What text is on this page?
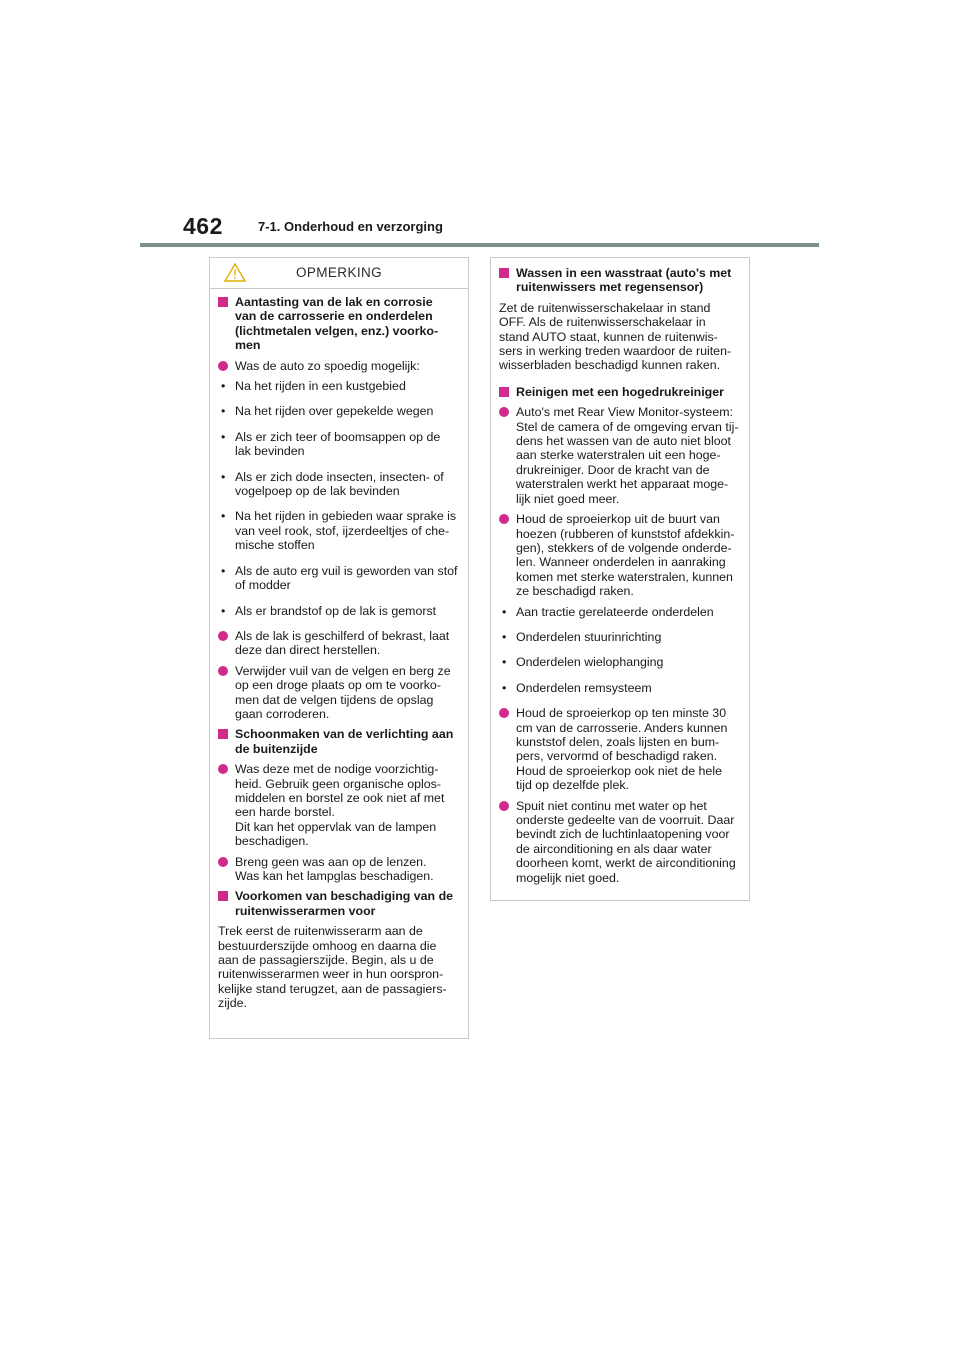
462	7-1. Onderhoud en verzorging
OPMERKING
Aantasting van de lak en corrosie
van de carrosserie en onderdelen
(lichtmetalen velgen, enz.) voorko-
men
Was de auto zo spoedig mogelijk:
• Na het rijden in een kustgebied
• Na het rijden over gepekelde wegen
• Als er zich teer of boomsappen op de
lak bevinden
• Als er zich dode insecten, insecten- of
vogelpoep op de lak bevinden
• Na het rijden in gebieden waar sprake is
van veel rook, stof, ijzerdeeltjes of che-
mische stoffen
• Als de auto erg vuil is geworden van stof
of modder
• Als er brandstof op de lak is gemorst
Als de lak is geschilferd of bekrast, laat
deze dan direct herstellen.
Verwijder vuil van de velgen en berg ze
op een droge plaats op om te voorko-
men dat de velgen tijdens de opslag
gaan corroderen.
Schoonmaken van de verlichting aan
de buitenzijde
Was deze met de nodige voorzichtig-
heid. Gebruik geen organische oplos-
middelen en borstel ze ook niet af met
een harde borstel.
Dit kan het oppervlak van de lampen
beschadigen.
Breng geen was aan op de lenzen.
Was kan het lampglas beschadigen.
Voorkomen van beschadiging van de
ruitenwisserarmen voor
Trek eerst de ruitenwisserarm aan de
bestuurderszijde omhoog en daarna die
aan de passagierszijde. Begin, als u de
ruitenwisserarmen weer in hun oorspron-
kelijke stand terugzet, aan de passagiers-
zijde.
Wassen in een wasstraat (auto's met
ruitenwissers met regensensor)
Zet de ruitenwisserschakelaar in stand
OFF. Als de ruitenwisserschakelaar in
stand AUTO staat, kunnen de ruitenwis-
sers in werking treden waardoor de ruiten-
wisserbladen beschadigd kunnen raken.
Reinigen met een hogedrukreiniger
Auto's met Rear View Monitor-systeem:
Stel de camera of de omgeving ervan tij-
dens het wassen van de auto niet bloot
aan sterke waterstralen uit een hoge-
drukreiniger. Door de kracht van de
waterstralen werkt het apparaat moge-
lijk niet goed meer.
Houd de sproeierkop uit de buurt van
hoezen (rubberen of kunststof afdekkin-
gen), stekkers of de volgende onderde-
len. Wanneer onderdelen in aanraking
komen met sterke waterstralen, kunnen
ze beschadigd raken.
• Aan tractie gerelateerde onderdelen
• Onderdelen stuurinrichting
• Onderdelen wielophanging
• Onderdelen remsysteem
Houd de sproeierkop op ten minste 30
cm van de carrosserie. Anders kunnen
kunststof delen, zoals lijsten en bum-
pers, vervormd of beschadigd raken.
Houd de sproeierkop ook niet de hele
tijd op dezelfde plek.
Spuit niet continu met water op het
onderste gedeelte van de voorruit. Daar
bevindt zich de luchtinlaatopening voor
de airconditioning en als daar water
doorheen komt, werkt de airconditioning
mogelijk niet goed.
